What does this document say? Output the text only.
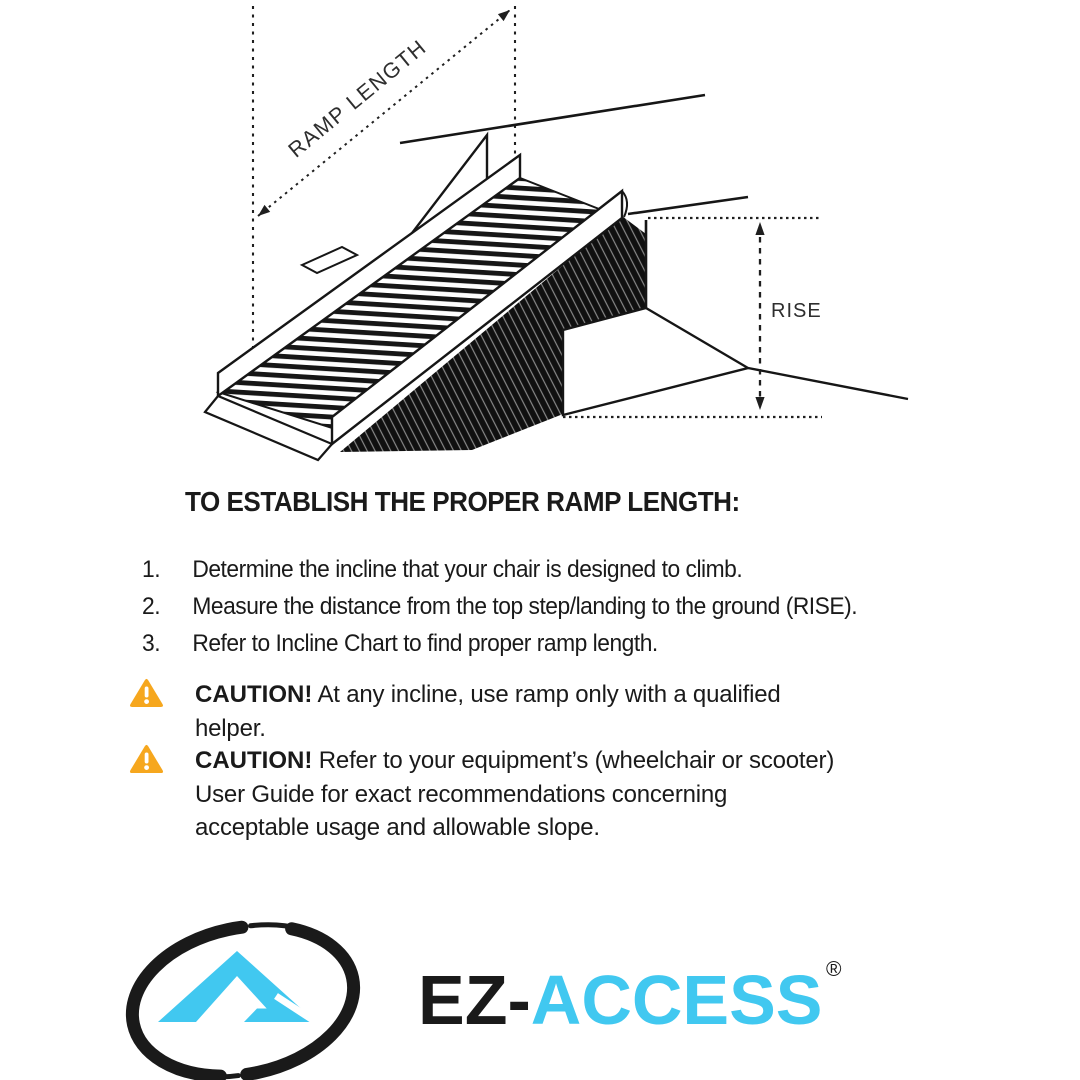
RAMP LENGTH
RISE
TO ESTABLISH THE PROPER RAMP LENGTH:
1.	Determine the incline that your chair is designed to climb.
2.	Measure the distance from the top step/landing to the ground (RISE).
3.	Refer to Incline Chart to find proper ramp length.
CAUTION! At any incline, use ramp only with a qualified
helper.
CAUTION! Refer to your equipment’s (wheelchair or scooter)
User Guide for exact recommendations concerning
acceptable usage and allowable slope.
EZ-ACCESS ®
